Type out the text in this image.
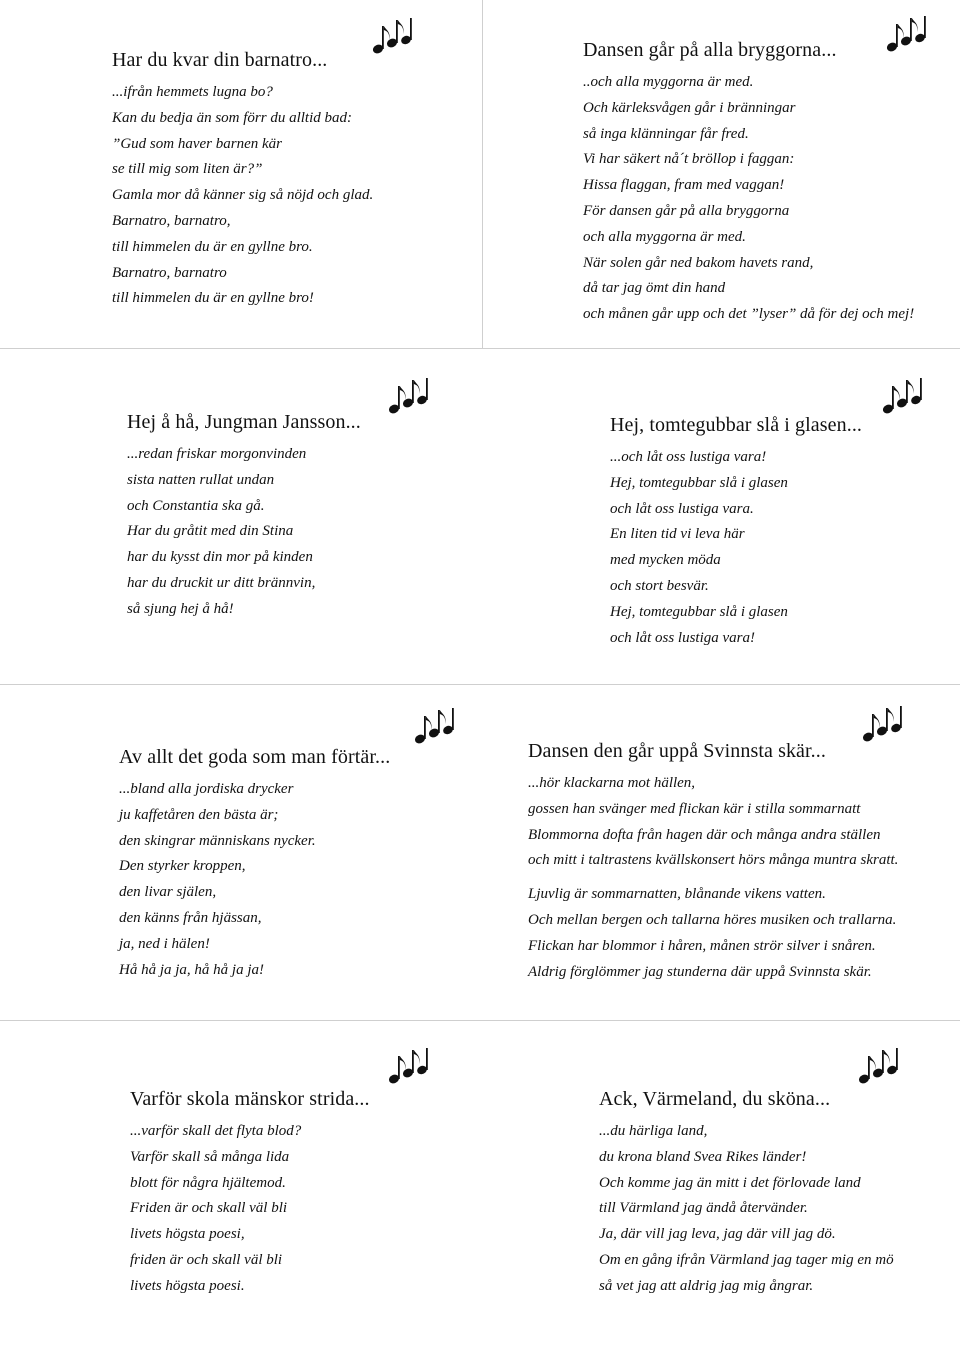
Har du kvar din barnatro...
...ifrån hemmets lugna bo?
Kan du bedja än som förr du alltid bad:
”Gud som haver barnen kär
se till mig som liten är?”
Gamla mor då känner sig så nöjd och glad.
Barnatro, barnatro,
till himmelen du är en gyllne bro.
Barnatro, barnatro
till himmelen du är en gyllne bro!
Dansen går på alla bryggorna...
..och alla myggorna är med.
Och kärleksvågen går i bränningar
så inga klänningar får fred.
Vi har säkert nå´t bröllop i faggan:
Hissa flaggan, fram med vaggan!
För dansen går på alla bryggorna
och alla myggorna är med.
När solen går ned bakom havets rand,
då tar jag ömt din hand
och månen går upp och det ”lyser” då för dej och mej!
Hej å hå, Jungman Jansson...
...redan friskar morgonvinden
sista natten rullat undan
och Constantia ska gå.
Har du gråtit med din Stina
har du kysst din mor på kinden
har du druckit ur ditt brännvin,
så sjung hej å hå!
Hej, tomtegubbar slå i glasen...
...och låt oss lustiga vara!
Hej, tomtegubbar slå i glasen
och låt oss lustiga vara.
En liten tid vi leva här
med mycken möda
och stort besvär.
Hej, tomtegubbar slå i glasen
och låt oss lustiga vara!
Av allt det goda som man förtär...
...bland alla jordiska drycker
ju kaffetåren den bästa är;
den skingrar människans nycker.
Den styrker kroppen,
den livar själen,
den känns från hjässan,
ja, ned i hälen!
Hå hå ja ja, hå hå ja ja!
Dansen den går uppå Svinnsta skär...
...hör klackarna mot hällen,
gossen han svänger med flickan kär i stilla sommarnatt
Blommorna dofta från hagen där och många andra ställen
och mitt i taltrastens kvällskonsert hörs många muntra skratt.
Ljuvlig är sommarnatten, blånande vikens vatten.
Och mellan bergen och tallarna höres musiken och trallarna.
Flickan har blommor i håren, månen strör silver i snåren.
Aldrig förglömmer jag stunderna där uppå Svinnsta skär.
Varför skola mänskor strida...
...varför skall det flyta blod?
Varför skall så många lida
blott för några hjältemod.
Friden är och skall väl bli
livets högsta poesi,
friden är och skall väl bli
livets högsta poesi.
Ack, Värmeland, du sköna...
...du härliga land,
du krona bland Svea Rikes länder!
Och komme jag än mitt i det förlovade land
till Värmland jag ändå återvänder.
Ja, där vill jag leva, jag där vill jag dö.
Om en gång ifrån Värmland jag tager mig en mö
så vet jag att aldrig jag mig ångrar.
